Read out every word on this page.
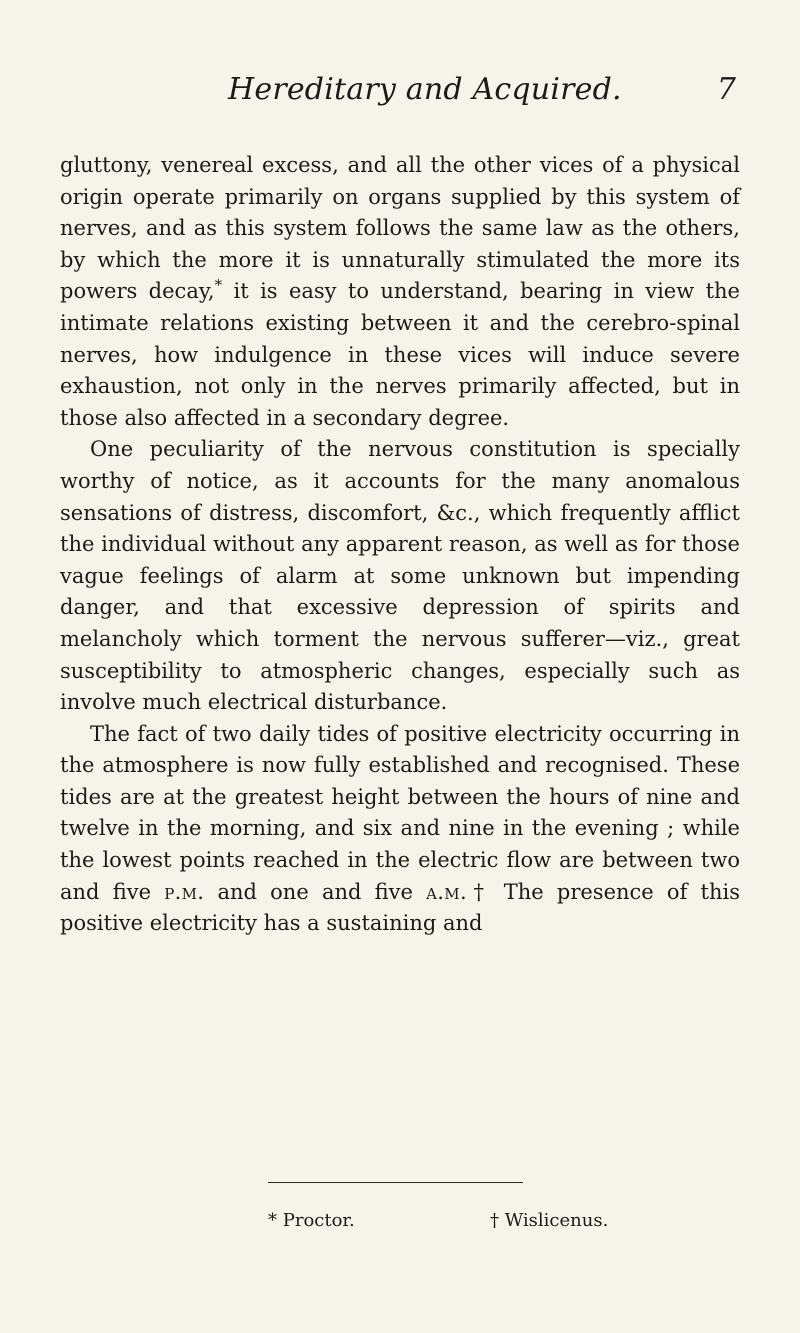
Hereditary and Acquired.	7

gluttony, venereal excess, and all the other vices of a physical origin operate primarily on organs supplied by this system of nerves, and as this system follows the same law as the others, by which the more it is unnaturally stimulated the more its powers decay,* it is easy to understand, bearing in view the intimate relations existing between it and the cerebro-spinal nerves, how indulgence in these vices will induce severe exhaustion, not only in the nerves primarily affected, but in those also affected in a secondary degree.

One peculiarity of the nervous constitution is specially worthy of notice, as it accounts for the many anomalous sensations of distress, discomfort, &c., which frequently afflict the individual without any apparent reason, as well as for those vague feelings of alarm at some unknown but impending danger, and that excessive depression of spirits and melancholy which torment the nervous sufferer—viz., great susceptibility to atmospheric changes, especially such as involve much electrical disturbance.

The fact of two daily tides of positive electricity occurring in the atmosphere is now fully established and recognised. These tides are at the greatest height between the hours of nine and twelve in the morning, and six and nine in the evening ; while the lowest points reached in the electric flow are between two and five p.m. and one and five a.m.† The presence of this positive electricity has a sustaining and

* Proctor.	† Wislicenus.
